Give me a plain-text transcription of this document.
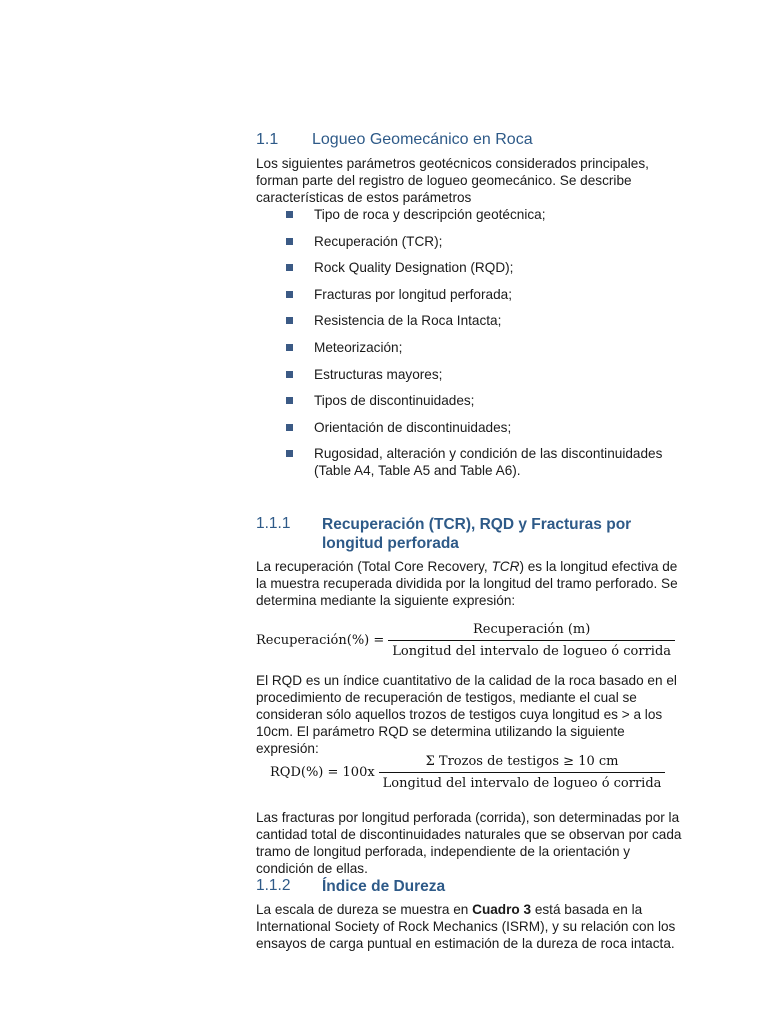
1.1	Logueo Geomecánico en Roca

Los siguientes parámetros geotécnicos considerados principales, forman parte del registro de logueo geomecánico. Se describe características de estos parámetros

Tipo de roca y descripción geotécnica;
Recuperación (TCR);
Rock Quality Designation (RQD);
Fracturas por longitud perforada;
Resistencia de la Roca Intacta;
Meteorización;
Estructuras mayores;
Tipos de discontinuidades;
Orientación de discontinuidades;
Rugosidad, alteración y condición de las discontinuidades (Table A4, Table A5 and Table A6).
1.1.1	Recuperación (TCR), RQD y Fracturas por longitud perforada

La recuperación (Total Core Recovery, TCR) es la longitud efectiva de la muestra recuperada dividida por la longitud del tramo perforado. Se determina mediante la siguiente expresión:

Recuperación(%) = $\frac{\text{Recuperación (m)}}{\text{Longitud del intervalo de logueo ó corrida}}$

El RQD es un índice cuantitativo de la calidad de la roca basado en el procedimiento de recuperación de testigos, mediante el cual se consideran sólo aquellos trozos de testigos cuya longitud es > a los 10cm. El parámetro RQD se determina utilizando la siguiente expresión:

$RQD(\%) = 100x \frac{\text{Σ Trozos de testigos ≥ 10 cm}}{\text{Longitud del intervalo de logueo ó corrida}}$

Las fracturas por longitud perforada (corrida), son determinadas por la cantidad total de discontinuidades naturales que se observan por cada tramo de longitud perforada, independiente de la orientación y condición de ellas.

1.1.2	Índice de Dureza

La escala de dureza se muestra en Cuadro 3 está basada en la International Society of Rock Mechanics (ISRM), y su relación con los ensayos de carga puntual en estimación de la dureza de roca intacta.
